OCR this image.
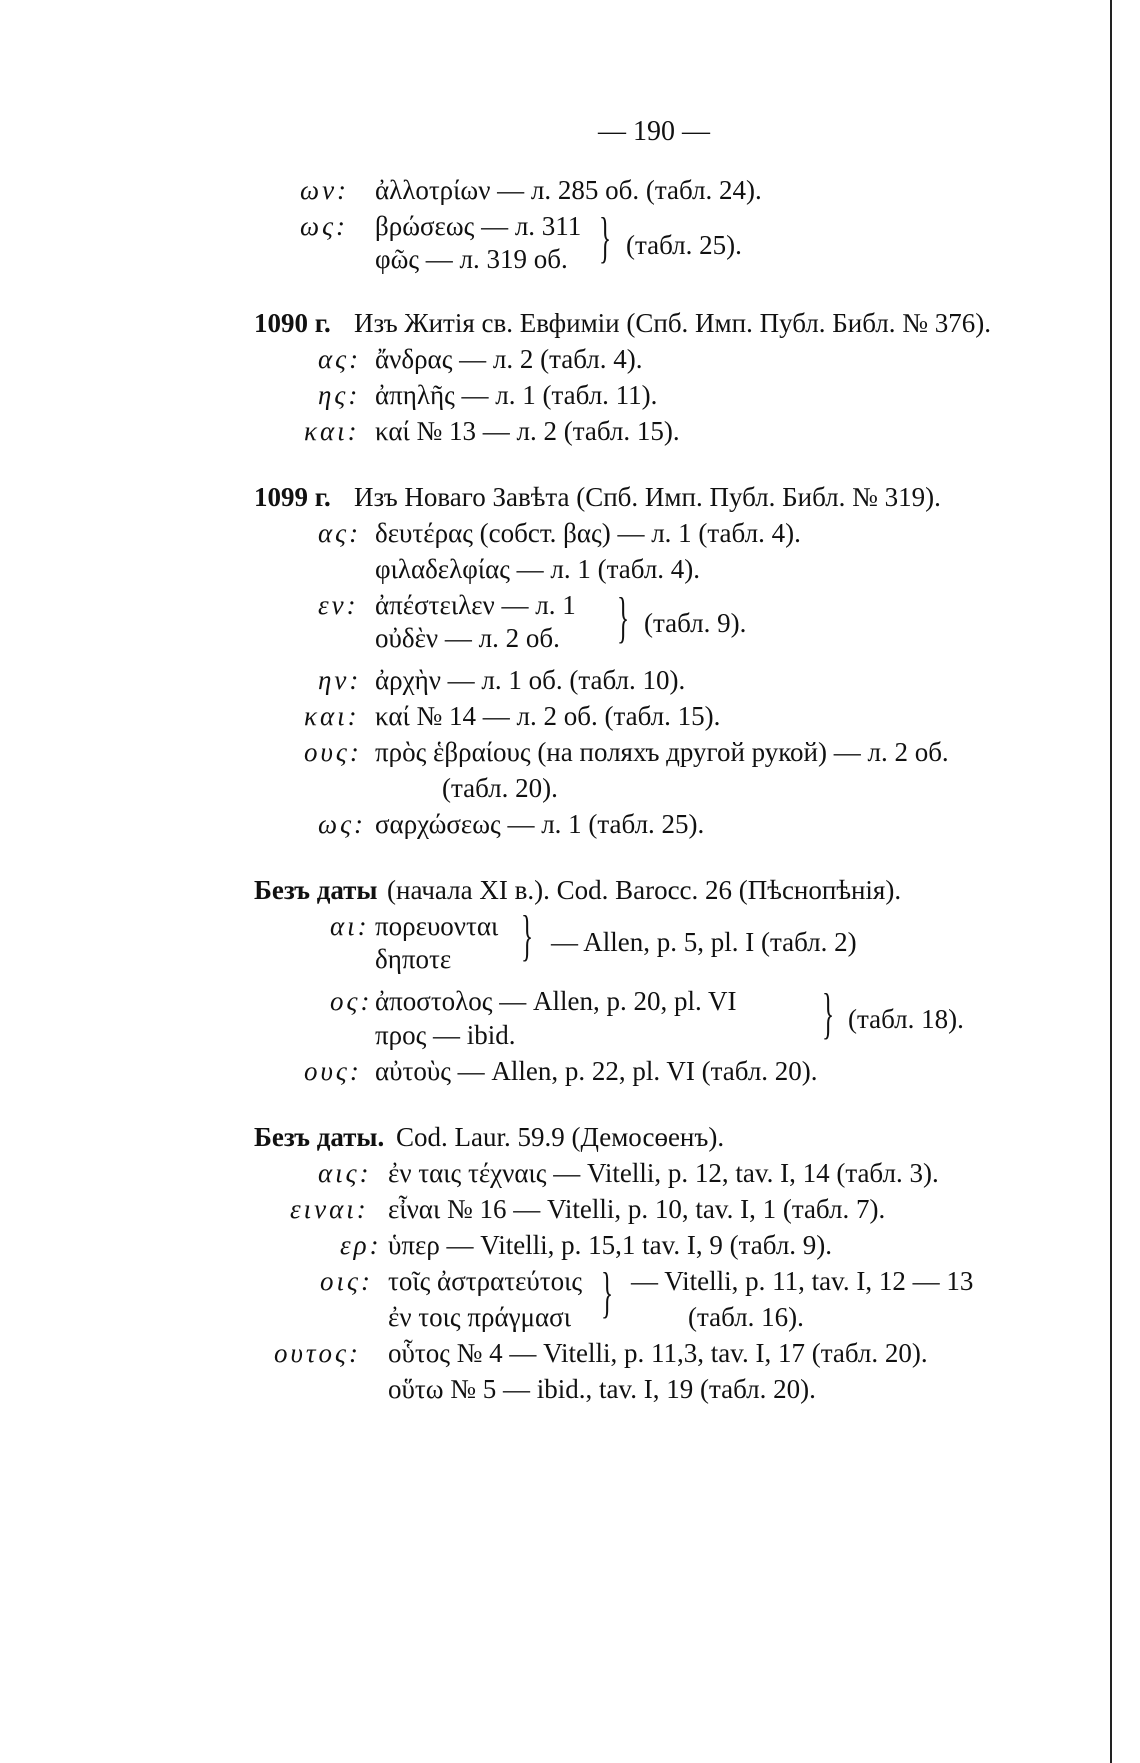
— 190 —
ων: ἀλλοτρίων — л. 285 об. (табл. 24).
ως: βρώσεως — л. 311
φῶς — л. 319 об. } (табл. 25).
1090 г. Изъ Житія св. Евфиміи (Спб. Имп. Публ. Библ. № 376).
ας: ἄνδρας — л. 2 (табл. 4).
ης: ἀπηλῆς — л. 1 (табл. 11).
και: καί № 13 — л. 2 (табл. 15).
1099 г. Изъ Новаго Завѣта (Спб. Имп. Публ. Библ. № 319).
ας: δευτέρας (собст. βας) — л. 1 (табл. 4).
φιλαδελφίας — л. 1 (табл. 4).
εν: ἀπέστειλεν — л. 1
οὐδὲν — л. 2 об. } (табл. 9).
ην: ἀρχὴν — л. 1 об. (табл. 10).
και: καί № 14 — л. 2 об. (табл. 15).
ους: πρὸς ἑβραίους (на поляхъ другой рукой) — л. 2 об.
(табл. 20).
ως: σαρχώσεως — л. 1 (табл. 25).
Безъ даты (начала XI в.). Cod. Barocc. 26 (Пѣснопѣнія).
αι: πορευονται
δηποτε } — Allen, p. 5, pl. I (табл. 2)
ος: ἀποστολος — Allen, p. 20, pl. VI
προς — ibid.	} (табл. 18).
ους: αὐτοὺς — Allen, p. 22, pl. VI (табл. 20).
Безъ даты. Cod. Laur. 59.9 (Демосөенъ).
αις: ἐν ταις τέχναις — Vitelli, p. 12, tav. I, 14 (табл. 3).
ειναι: εἶναι № 16 — Vitelli, p. 10, tav. I, 1 (табл. 7).
ερ: ὑπερ — Vitelli, p. 15,1 tav. I, 9 (табл. 9).
οις: τοῖς ἀστρατεύτοις
ἐν τοις πράγμασι } — Vitelli, p. 11, tav. I, 12 — 13
(табл. 16).
ουτος: οὗτος № 4 — Vitelli, p. 11,3, tav. I, 17 (табл. 20).
οὕτω № 5 — ibid., tav. I, 19 (табл. 20).
